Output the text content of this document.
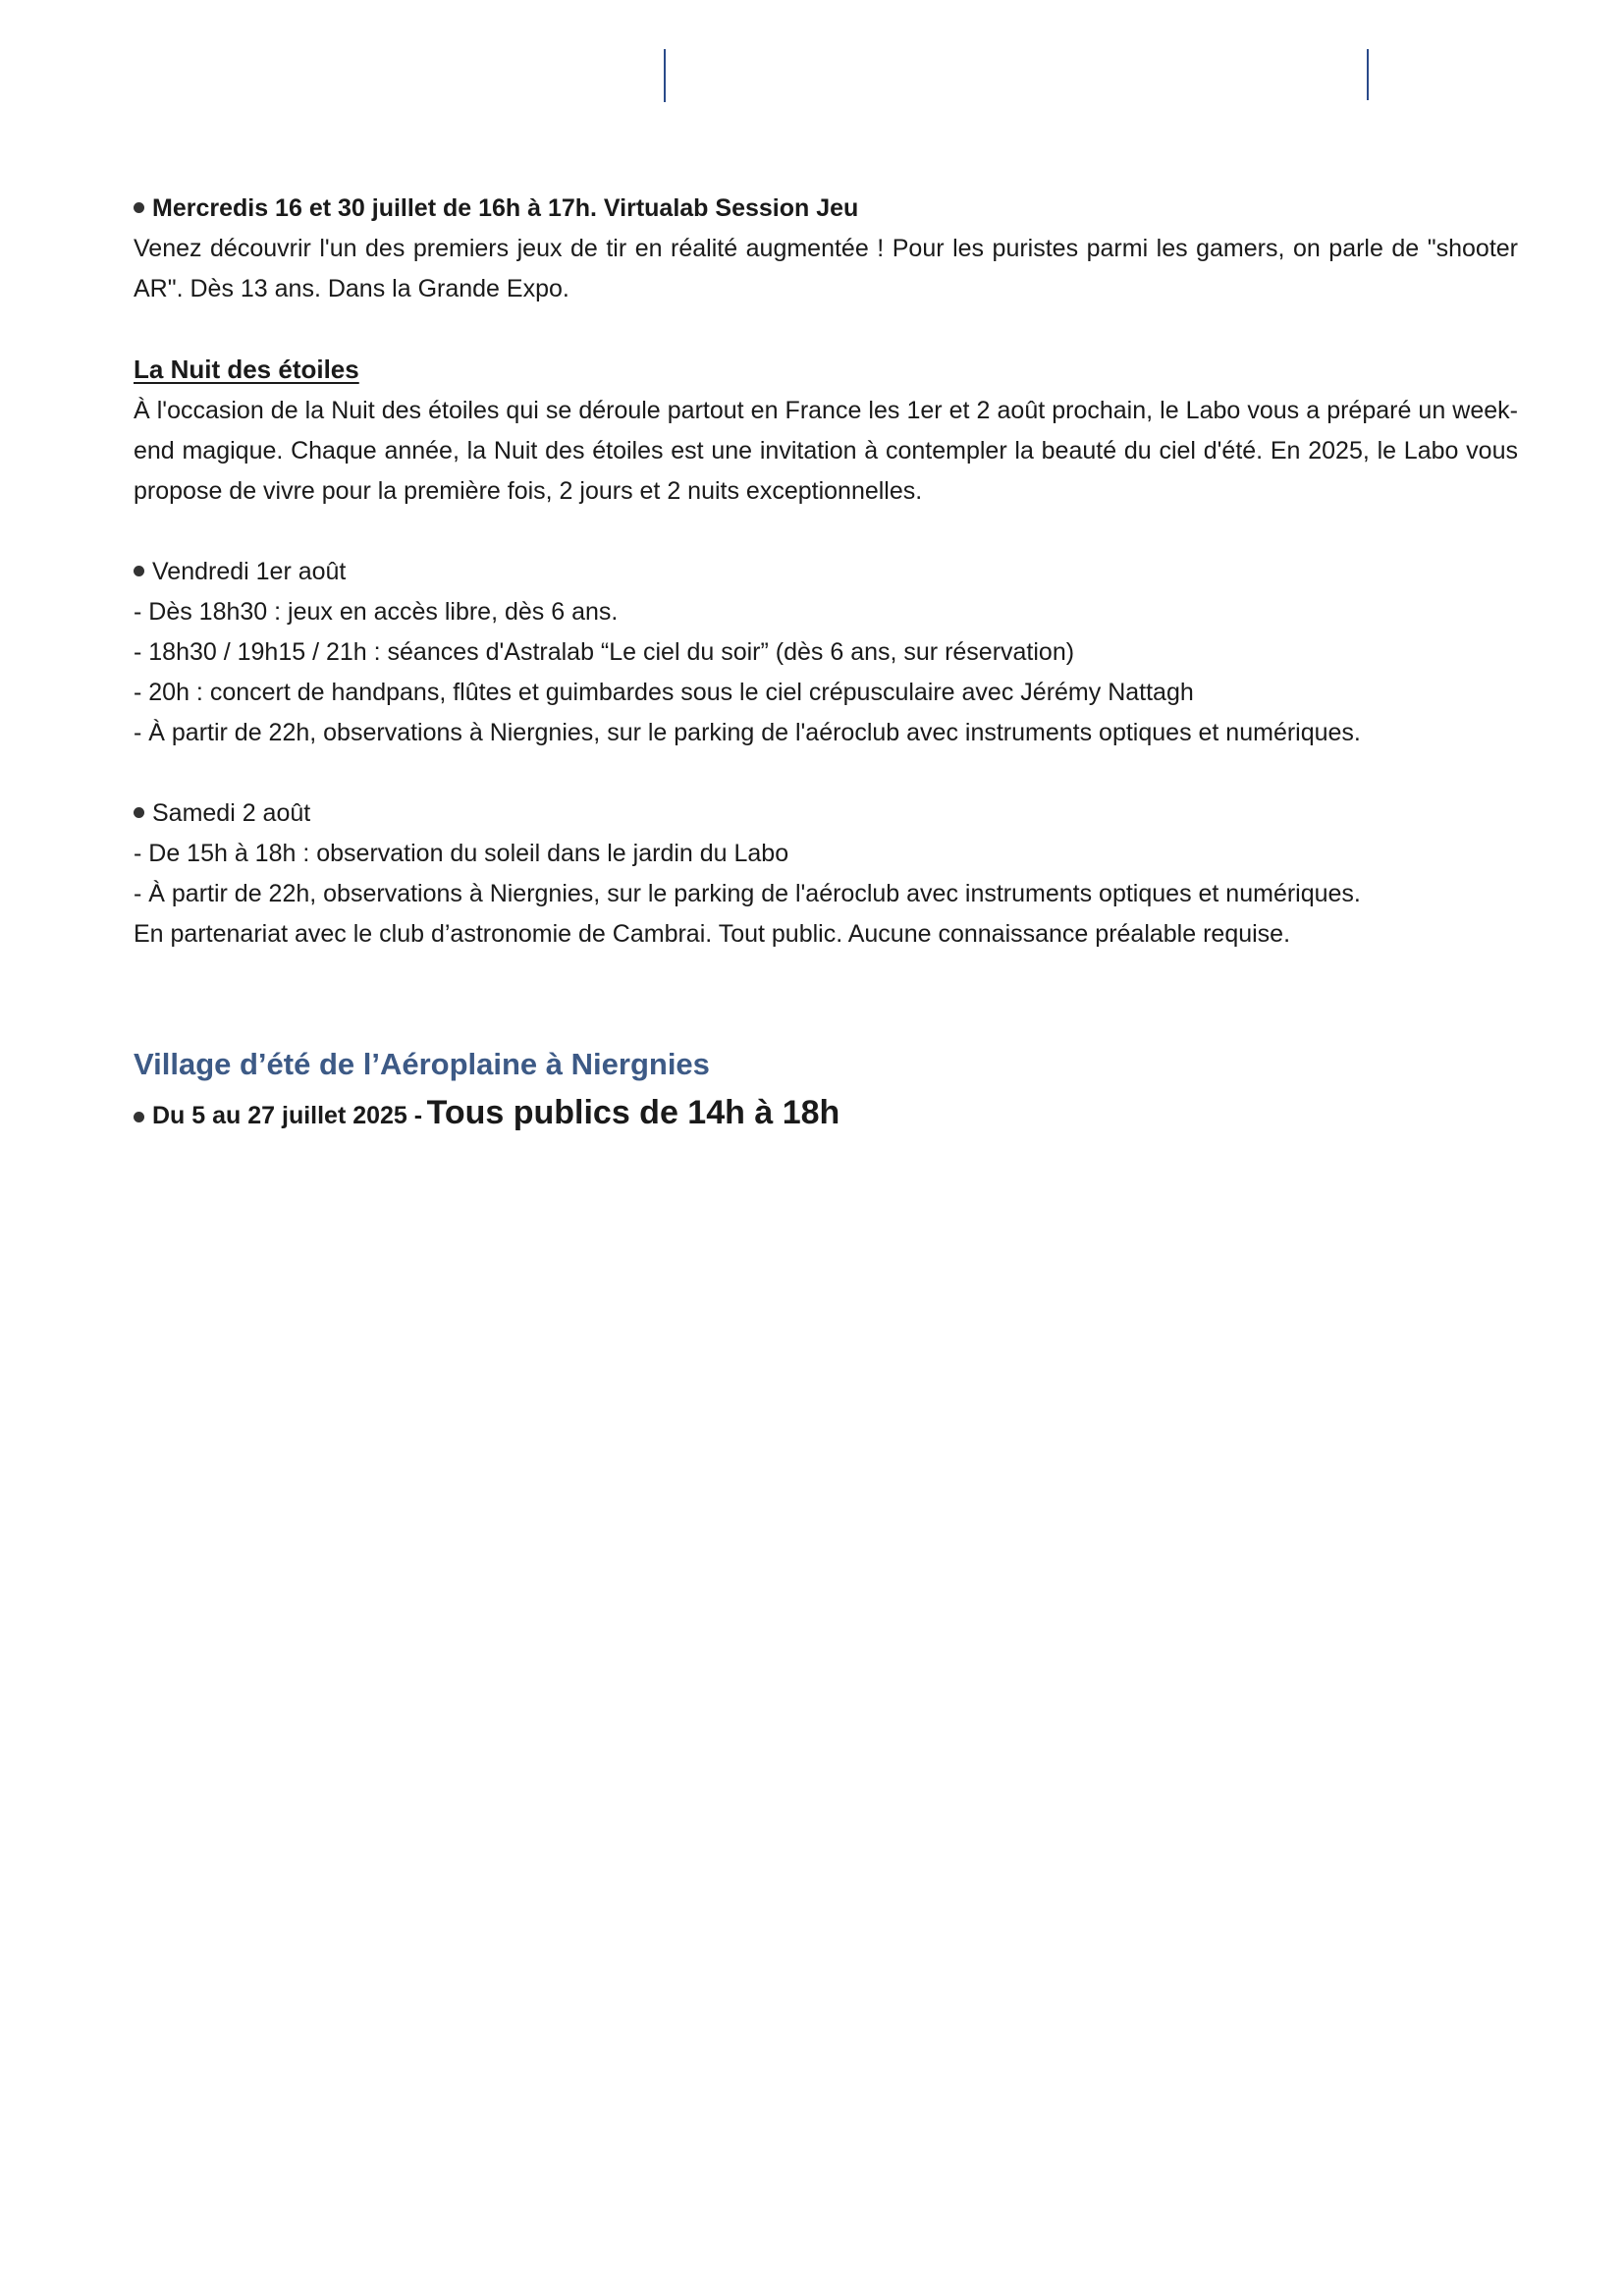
Mercredis 16 et 30 juillet de 16h à 17h. Virtualab Session Jeu

Venez découvrir l'un des premiers jeux de tir en réalité augmentée ! Pour les puristes parmi les gamers, on parle de "shooter AR". Dès 13 ans. Dans la Grande Expo.

La Nuit des étoiles

À l'occasion de la Nuit des étoiles qui se déroule partout en France les 1er et 2 août prochain, le Labo vous a préparé un week-end magique. Chaque année, la Nuit des étoiles est une invitation à contempler la beauté du ciel d'été. En 2025, le Labo vous propose de vivre pour la première fois, 2 jours et 2 nuits exceptionnelles.

Vendredi 1er août

- Dès 18h30 : jeux en accès libre, dès 6 ans.

- 18h30 / 19h15 / 21h : séances d'Astralab “Le ciel du soir” (dès 6 ans, sur réservation)

- 20h : concert de handpans, flûtes et guimbardes sous le ciel crépusculaire avec Jérémy Nattagh

- À partir de 22h, observations à Niergnies, sur le parking de l'aéroclub avec instruments optiques et numériques.

Samedi 2 août

- De 15h à 18h : observation du soleil dans le jardin du Labo

- À partir de 22h, observations à Niergnies, sur le parking de l'aéroclub avec instruments optiques et numériques.

En partenariat avec le club d’astronomie de Cambrai. Tout public. Aucune connaissance préalable requise.

Village d’été de l’Aéroplaine à Niergnies

Du 5 au 27 juillet 2025 - Tous publics de 14h à 18h
